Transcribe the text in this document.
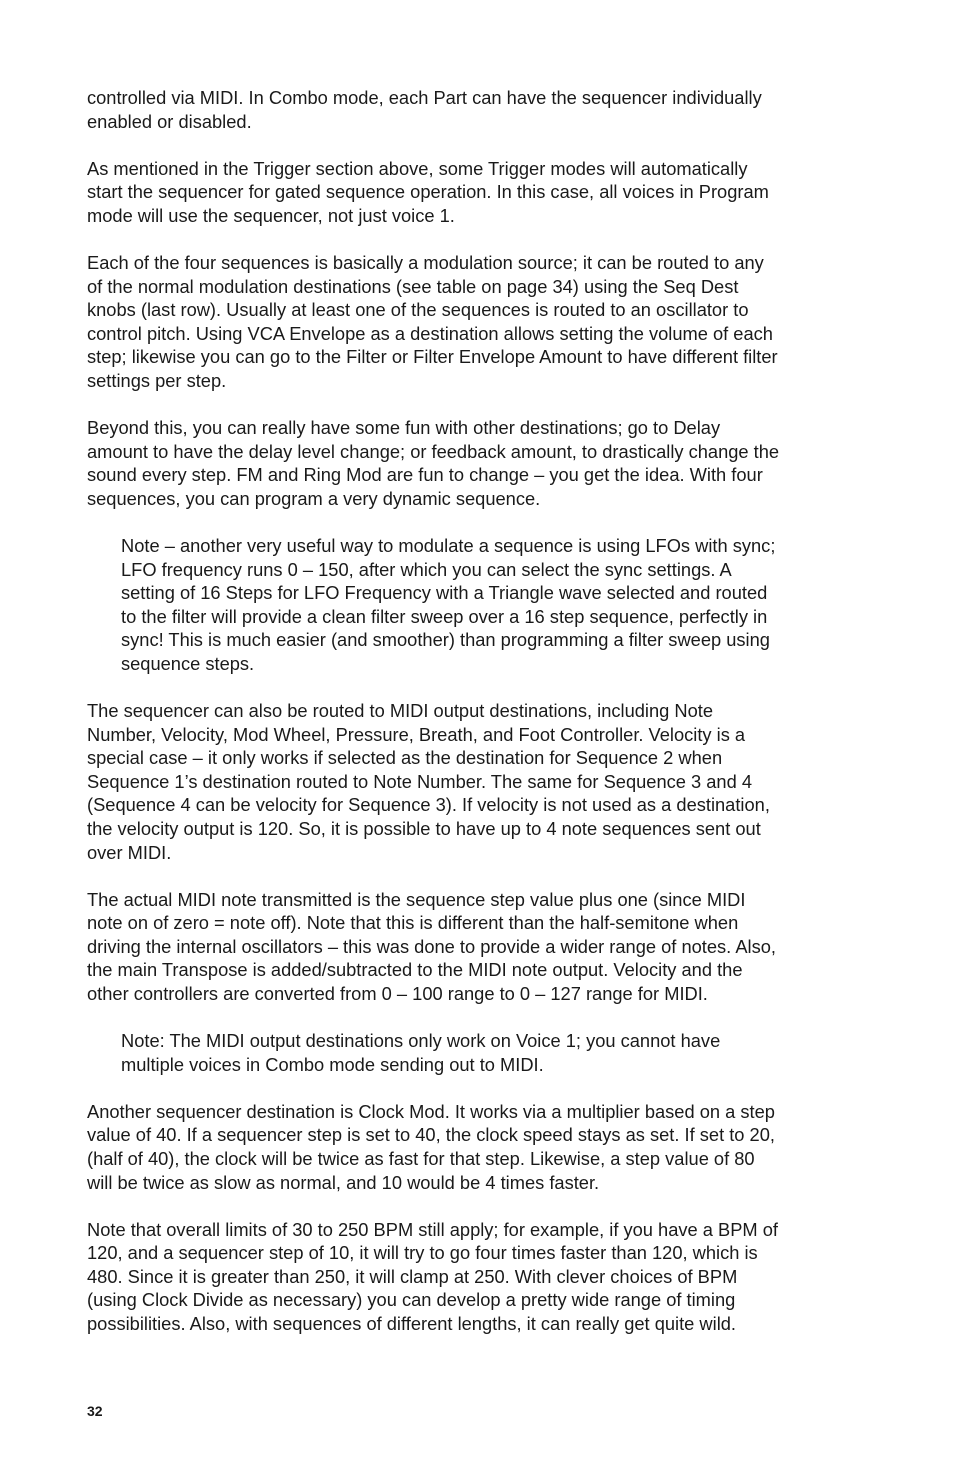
controlled via MIDI. In Combo mode, each Part can have the sequencer individually
enabled or disabled.

As mentioned in the Trigger section above, some Trigger modes will automatically
start the sequencer for gated sequence operation. In this case, all voices in Program
mode will use the sequencer, not just voice 1.

Each of the four sequences is basically a modulation source; it can be routed to any
of the normal modulation destinations (see table on page 34) using the Seq Dest
knobs (last row). Usually at least one of the sequences is routed to an oscillator to
control pitch. Using VCA Envelope as a destination allows setting the volume of each
step; likewise you can go to the Filter or Filter Envelope Amount to have different filter
settings per step.

Beyond this, you can really have some fun with other destinations; go to Delay
amount to have the delay level change; or feedback amount, to drastically change the
sound every step. FM and Ring Mod are fun to change – you get the idea. With four
sequences, you can program a very dynamic sequence.

Note – another very useful way to modulate a sequence is using LFOs with sync;
LFO frequency runs 0 – 150, after which you can select the sync settings. A
setting of 16 Steps for LFO Frequency with a Triangle wave selected and routed
to the filter will provide a clean filter sweep over a 16 step sequence, perfectly in
sync! This is much easier (and smoother) than programming a filter sweep using
sequence steps.

The sequencer can also be routed to MIDI output destinations, including Note
Number, Velocity, Mod Wheel, Pressure, Breath, and Foot Controller. Velocity is a
special case – it only works if selected as the destination for Sequence 2 when
Sequence 1’s destination routed to Note Number. The same for Sequence 3 and 4
(Sequence 4 can be velocity for Sequence 3). If velocity is not used as a destination,
the velocity output is 120. So, it is possible to have up to 4 note sequences sent out
over MIDI.

The actual MIDI note transmitted is the sequence step value plus one (since MIDI
note on of zero = note off). Note that this is different than the half-semitone when
driving the internal oscillators – this was done to provide a wider range of notes. Also,
the main Transpose is added/subtracted to the MIDI note output. Velocity and the
other controllers are converted from 0 – 100 range to 0 – 127 range for MIDI.

Note: The MIDI output destinations only work on Voice 1; you cannot have
multiple voices in Combo mode sending out to MIDI.

Another sequencer destination is Clock Mod. It works via a multiplier based on a step
value of 40. If a sequencer step is set to 40, the clock speed stays as set. If set to 20,
(half of 40), the clock will be twice as fast for that step. Likewise, a step value of 80
will be twice as slow as normal, and 10 would be 4 times faster.

Note that overall limits of 30 to 250 BPM still apply; for example, if you have a BPM of
120, and a sequencer step of 10, it will try to go four times faster than 120, which is
480. Since it is greater than 250, it will clamp at 250. With clever choices of BPM
(using Clock Divide as necessary) you can develop a pretty wide range of timing
possibilities. Also, with sequences of different lengths, it can really get quite wild.

32
